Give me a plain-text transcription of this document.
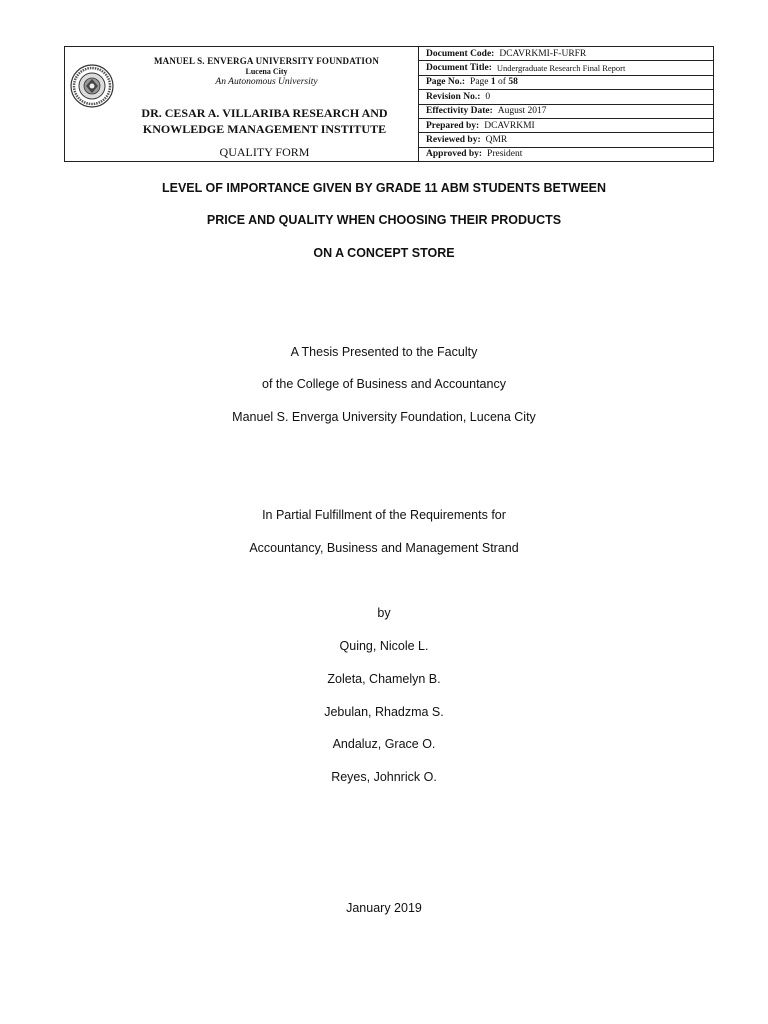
MANUEL S. ENVERGA UNIVERSITY FOUNDATION
Lucena City
An Autonomous University
DR. CESAR A. VILLARIBA RESEARCH AND
KNOWLEDGE MANAGEMENT INSTITUTE
QUALITY FORM
Document Code: DCAVRKMI-F-URFR
Document Title: Undergraduate Research Final Report
Page No.: Page 1 of 58
Revision No.: 0
Effectivity Date: August 2017
Prepared by: DCAVRKMI
Reviewed by: QMR
Approved by: President
LEVEL OF IMPORTANCE GIVEN BY GRADE 11 ABM STUDENTS BETWEEN
PRICE AND QUALITY WHEN CHOOSING THEIR PRODUCTS
ON A CONCEPT STORE
A Thesis Presented to the Faculty
of the College of Business and Accountancy
Manuel S. Enverga University Foundation, Lucena City
In Partial Fulfillment of the Requirements for
Accountancy, Business and Management Strand
by
Quing, Nicole L.
Zoleta, Chamelyn B.
Jebulan, Rhadzma S.
Andaluz, Grace O.
Reyes, Johnrick O.
January 2019
